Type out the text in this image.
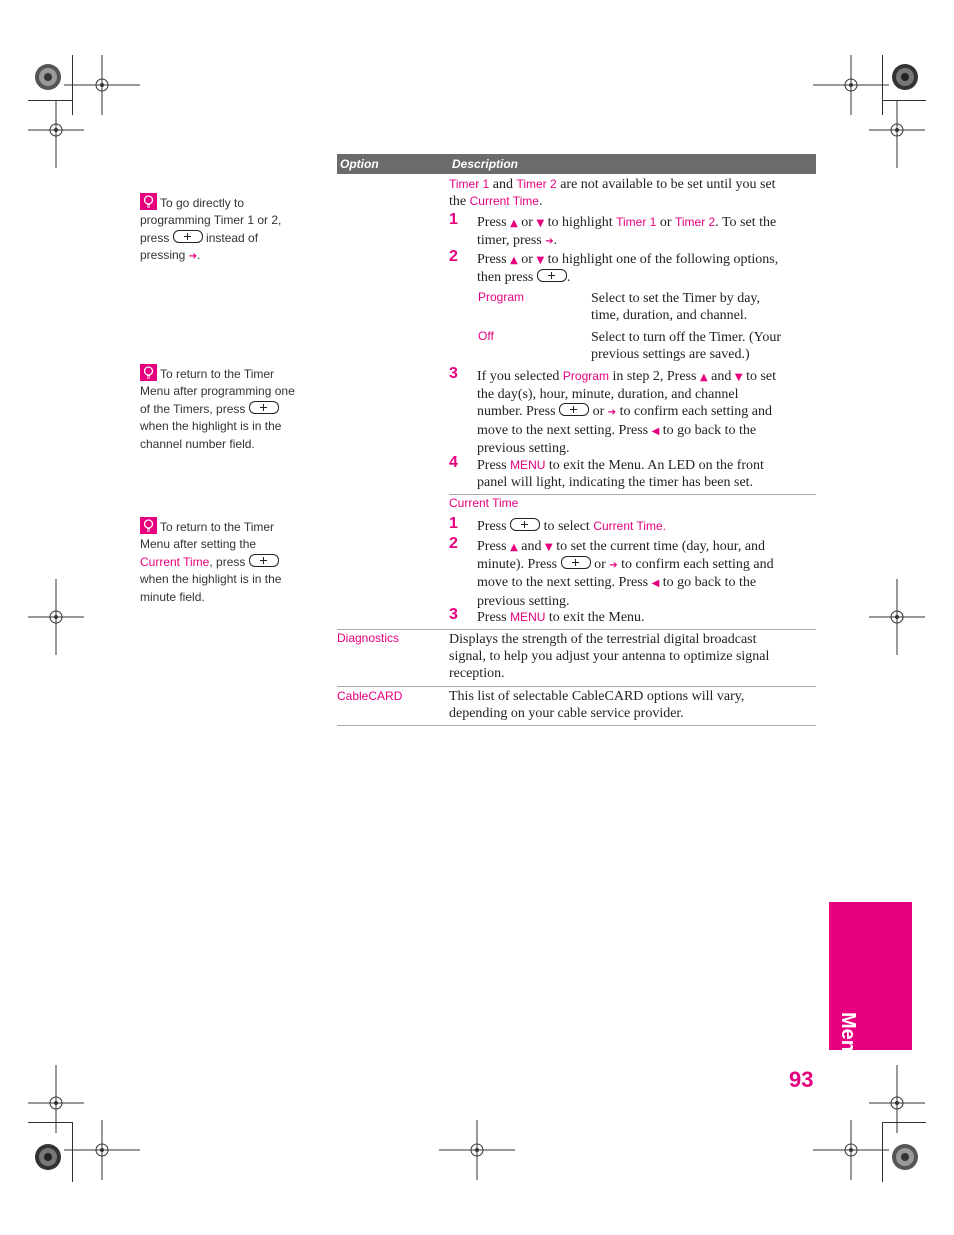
To go directly to
programming Timer 1 or 2,
press	instead of
pressing ➔.
To return to the Timer
Menu after programming one
of the Timers, press
when the highlight is in the
channel number field.
To return to the Timer
Menu after setting the
Current Time, press
when the highlight is in the
minute field.
Option	Description
Timer 1 and Timer 2 are not available to be set until you set
the Current Time.
1 Press ▲ or ▼ to highlight Timer 1 or Timer 2. To set the
timer, press ➔.
2 Press ▲ or ▼ to highlight one of the following options,
then press .
Program	Select to set the Timer by day,
time, duration, and channel.
Off	Select to turn off the Timer. (Your
previous settings are saved.)
3 If you selected Program in step 2, Press ▲ and ▼ to set
the day(s), hour, minute, duration, and channel
number. Press	or ➔ to confirm each setting and
move to the next setting. Press ◀ to go back to the
previous setting.
4 Press MENU to exit the Menu. An LED on the front
panel will light, indicating the timer has been set.
Current Time
1 Press	to select Current Time.
2 Press ▲ and ▼ to set the current time (day, hour, and
minute). Press	or ➔ to confirm each setting and
move to the next setting. Press ◀ to go back to the
previous setting.
3 Press MENU to exit the Menu.
Diagnostics	Displays the strength of the terrestrial digital broadcast
signal, to help you adjust your antenna to optimize signal
reception.
CableCARD	This list of selectable CableCARD options will vary,
depending on your cable service provider.
Menus
93
